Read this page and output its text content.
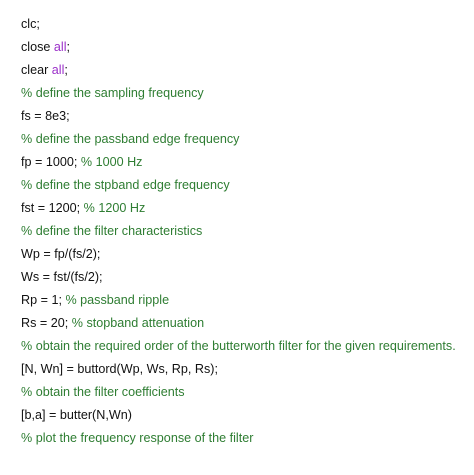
clc;
close all;
clear all;
% define the sampling frequency
fs = 8e3;
% define the passband edge frequency
fp = 1000; % 1000 Hz
% define the stpband edge frequency
fst = 1200; % 1200 Hz
% define the filter characteristics
Wp = fp/(fs/2);
Ws = fst/(fs/2);
Rp = 1; % passband ripple
Rs = 20; % stopband attenuation
% obtain the required order of the butterworth filter for the given requirements.
[N, Wn] = buttord(Wp, Ws, Rp, Rs);
% obtain the filter coefficients
[b,a] = butter(N,Wn)
% plot the frequency response of the filter
